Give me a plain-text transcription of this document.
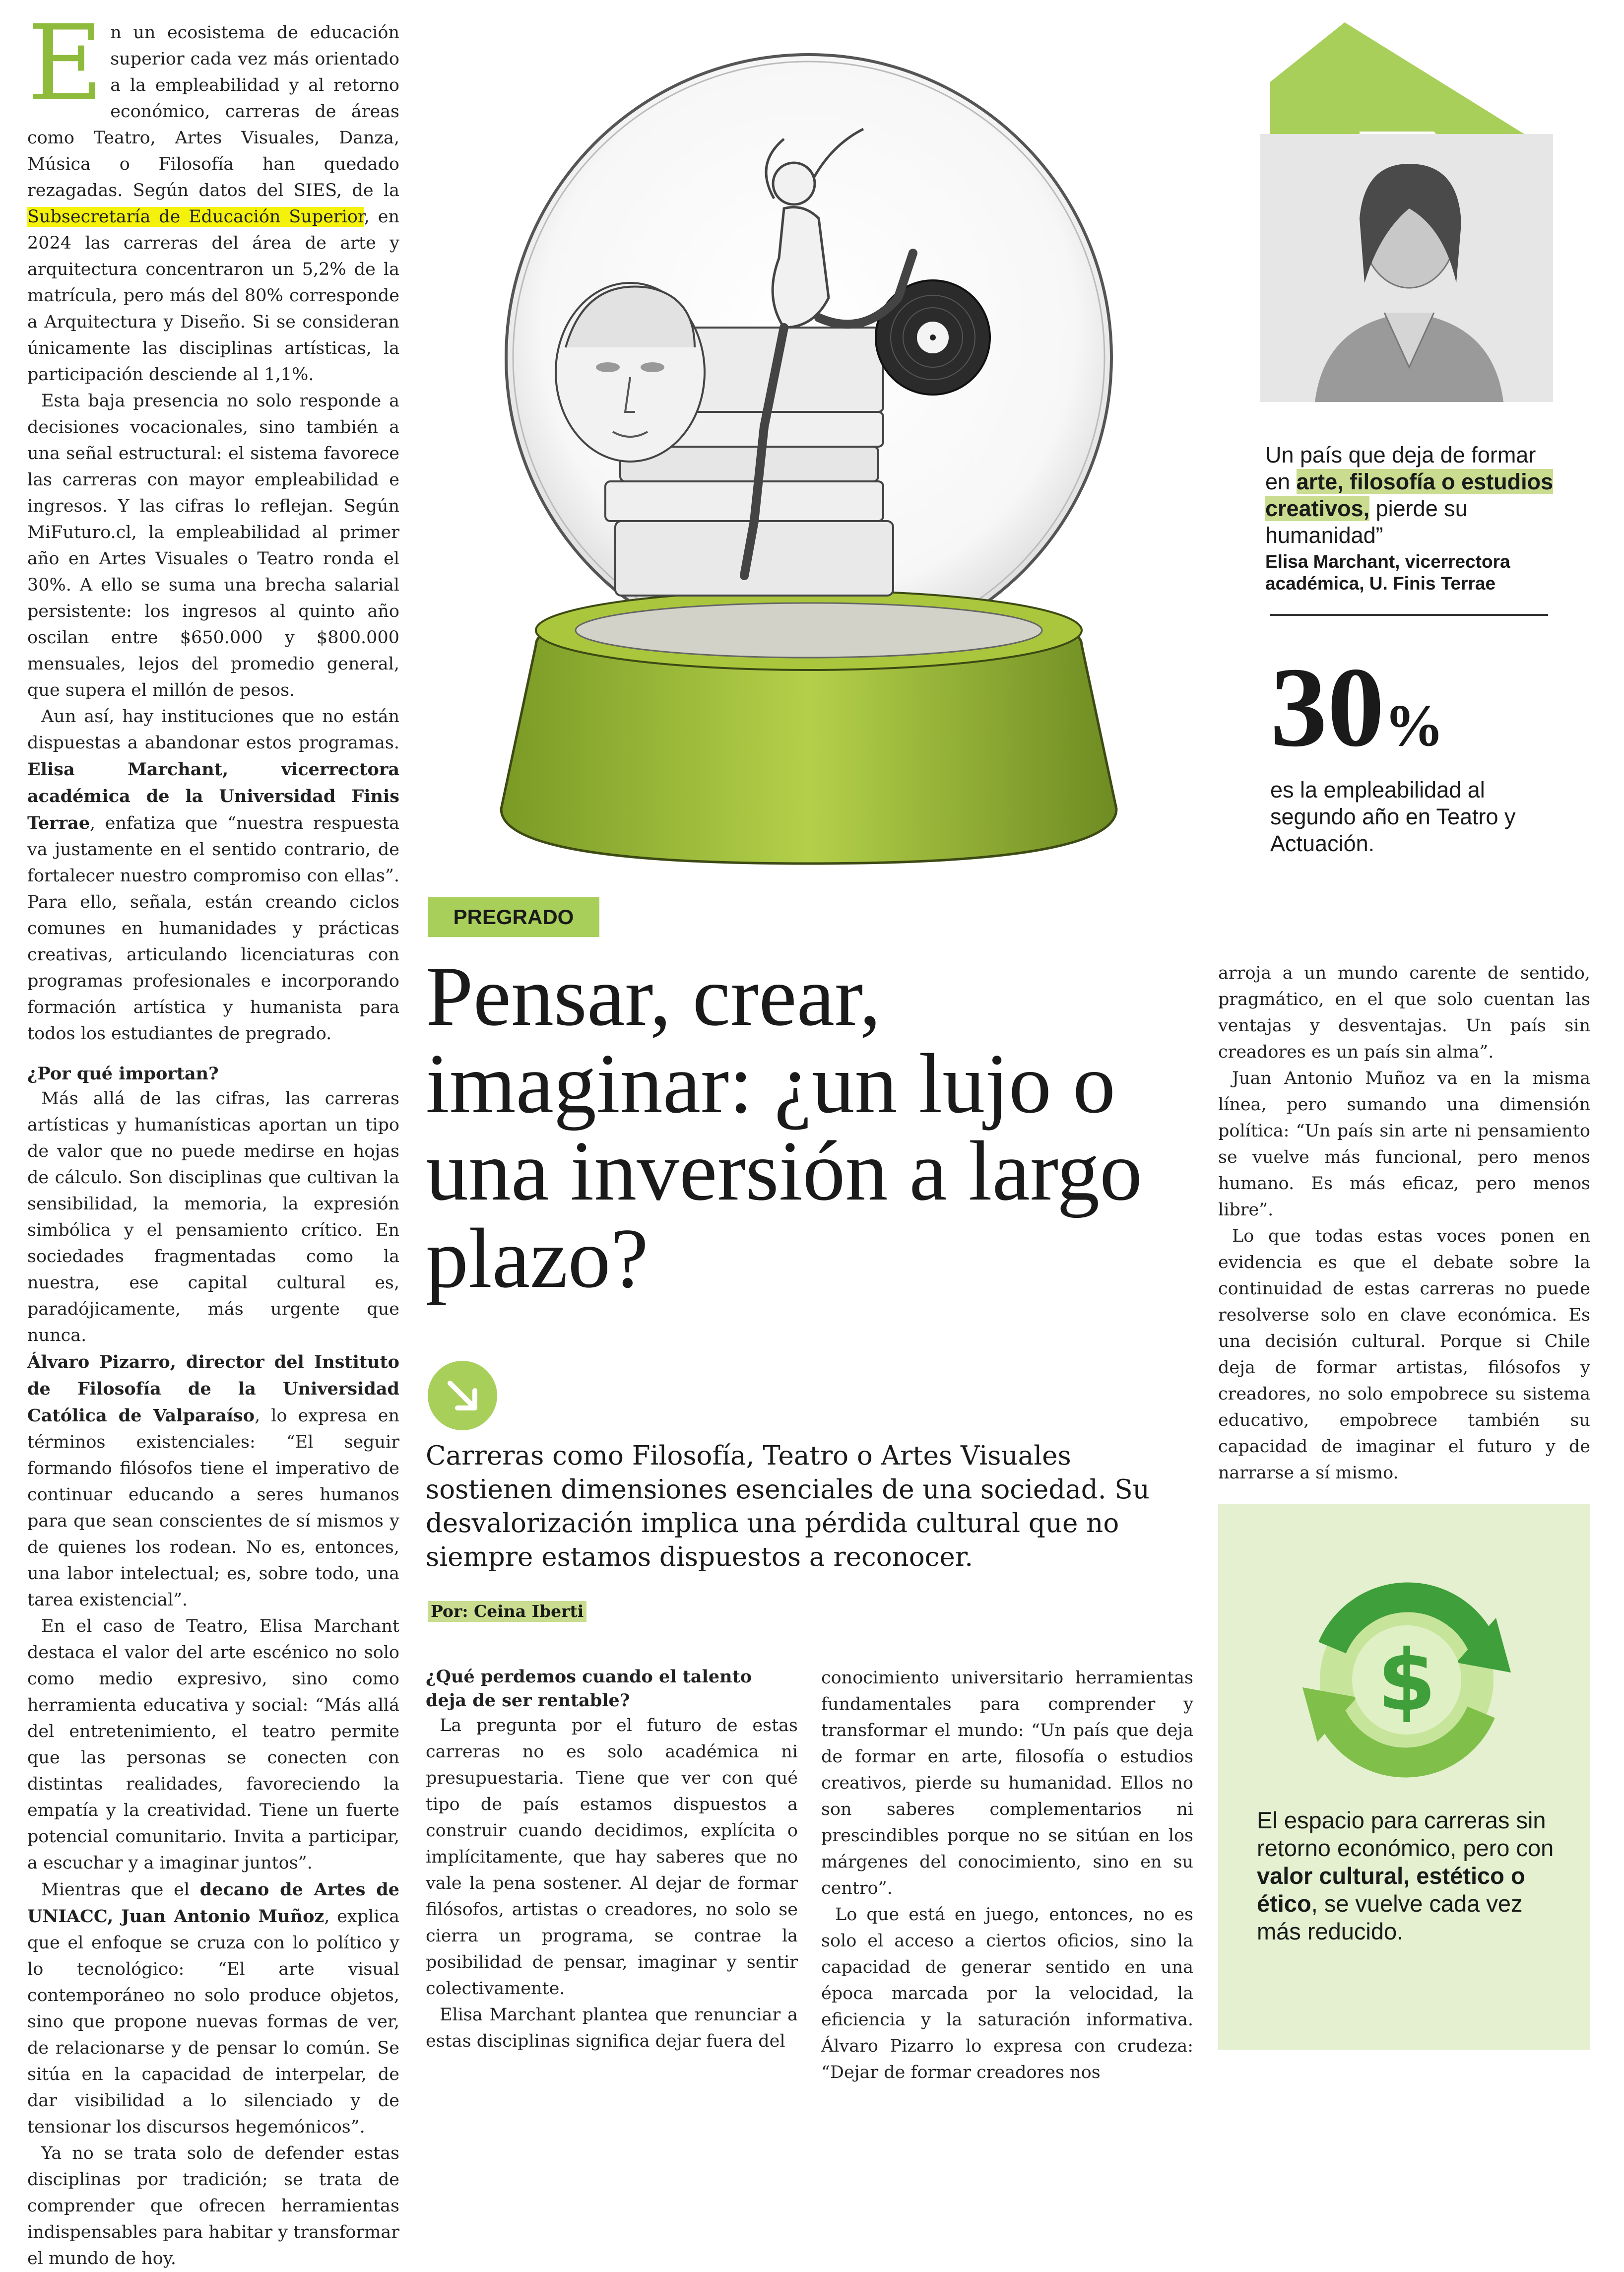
En un ecosistema de educación superior cada vez más orientado a la empleabilidad y al retorno económico, carreras de áreas como Teatro, Artes Visuales, Danza, Música o Filosofía han quedado rezagadas. Según datos del SIES, de la Subsecretaría de Educación Superior, en 2024 las carreras del área de arte y arquitectura concentraron un 5,2% de la matrícula, pero más del 80% corresponde a Arquitectura y Diseño. Si se consideran únicamente las disciplinas artísticas, la participación desciende al 1,1%.

Esta baja presencia no solo responde a decisiones vocacionales, sino también a una señal estructural: el sistema favorece las carreras con mayor empleabilidad e ingresos. Y las cifras lo reflejan. Según MiFuturo.cl, la empleabilidad al primer año en Artes Visuales o Teatro ronda el 30%. A ello se suma una brecha salarial persistente: los ingresos al quinto año oscilan entre $650.000 y $800.000 mensuales, lejos del promedio general, que supera el millón de pesos.

Aun así, hay instituciones que no están dispuestas a abandonar estos programas. Elisa Marchant, vicerrectora académica de la Universidad Finis Terrae, enfatiza que “nuestra respuesta va justamente en el sentido contrario, de fortalecer nuestro compromiso con ellas”. Para ello, señala, están creando ciclos comunes en humanidades y prácticas creativas, articulando licenciaturas con programas profesionales e incorporando formación artística y humanista para todos los estudiantes de pregrado.

¿Por qué importan?

Más allá de las cifras, las carreras artísticas y humanísticas aportan un tipo de valor que no puede medirse en hojas de cálculo. Son disciplinas que cultivan la sensibilidad, la memoria, la expresión simbólica y el pensamiento crítico. En sociedades fragmentadas como la nuestra, ese capital cultural es, paradójicamente, más urgente que nunca.

Álvaro Pizarro, director del Instituto de Filosofía de la Universidad Católica de Valparaíso, lo expresa en términos existenciales: “El seguir formando filósofos tiene el imperativo de continuar educando a seres humanos para que sean conscientes de sí mismos y de quienes los rodean. No es, entonces, una labor intelectual; es, sobre todo, una tarea existencial”.

En el caso de Teatro, Elisa Marchant destaca el valor del arte escénico no solo como medio expresivo, sino como herramienta educativa y social: “Más allá del entretenimiento, el teatro permite que las personas se conecten con distintas realidades, favoreciendo la empatía y la creatividad. Tiene un fuerte potencial comunitario. Invita a participar, a escuchar y a imaginar juntos”.

Mientras que el decano de Artes de UNIACC, Juan Antonio Muñoz, explica que el enfoque se cruza con lo político y lo tecnológico: “El arte visual contemporáneo no solo produce objetos, sino que propone nuevas formas de ver, de relacionarse y de pensar lo común. Se sitúa en la capacidad de interpelar, de dar visibilidad a lo silenciado y de tensionar los discursos hegemónicos”.

Ya no se trata solo de defender estas disciplinas por tradición; se trata de comprender que ofrecen herramientas indispensables para habitar y transformar el mundo de hoy.

Un país que deja de formar en arte, filosofía o estudios creativos, pierde su humanidad”
Elisa Marchant, vicerrectora académica, U. Finis Terrae
30%
es la empleabilidad al segundo año en Teatro y Actuación.
PREGRADO
Pensar, crear, imaginar: ¿un lujo o una inversión a largo plazo?

Carreras como Filosofía, Teatro o Artes Visuales sostienen dimensiones esenciales de una sociedad. Su desvalorización implica una pérdida cultural que no siempre estamos dispuestos a reconocer.

Por: Ceina Iberti
¿Qué perdemos cuando el talento deja de ser rentable?

La pregunta por el futuro de estas carreras no es solo académica ni presupuestaria. Tiene que ver con qué tipo de país estamos dispuestos a construir cuando decidimos, explícita o implícitamente, que hay saberes que no vale la pena sostener. Al dejar de formar filósofos, artistas o creadores, no solo se cierra un programa, se contrae la posibilidad de pensar, imaginar y sentir colectivamente.

Elisa Marchant plantea que renunciar a estas disciplinas significa dejar fuera del

conocimiento universitario herramientas fundamentales para comprender y transformar el mundo: “Un país que deja de formar en arte, filosofía o estudios creativos, pierde su humanidad. Ellos no son saberes complementarios ni prescindibles porque no se sitúan en los márgenes del conocimiento, sino en su centro”.

Lo que está en juego, entonces, no es solo el acceso a ciertos oficios, sino la capacidad de generar sentido en una época marcada por la velocidad, la eficiencia y la saturación informativa. Álvaro Pizarro lo expresa con crudeza: “Dejar de formar creadores nos

arroja a un mundo carente de sentido, pragmático, en el que solo cuentan las ventajas y desventajas. Un país sin creadores es un país sin alma”.

Juan Antonio Muñoz va en la misma línea, pero sumando una dimensión política: “Un país sin arte ni pensamiento se vuelve más funcional, pero menos humano. Es más eficaz, pero menos libre”.

Lo que todas estas voces ponen en evidencia es que el debate sobre la continuidad de estas carreras no puede resolverse solo en clave económica. Es una decisión cultural. Porque si Chile deja de formar artistas, filósofos y creadores, no solo empobrece su sistema educativo, empobrece también su capacidad de imaginar el futuro y de narrarse a sí mismo.

$
El espacio para carreras sin retorno económico, pero con valor cultural, estético o ético, se vuelve cada vez más reducido.
